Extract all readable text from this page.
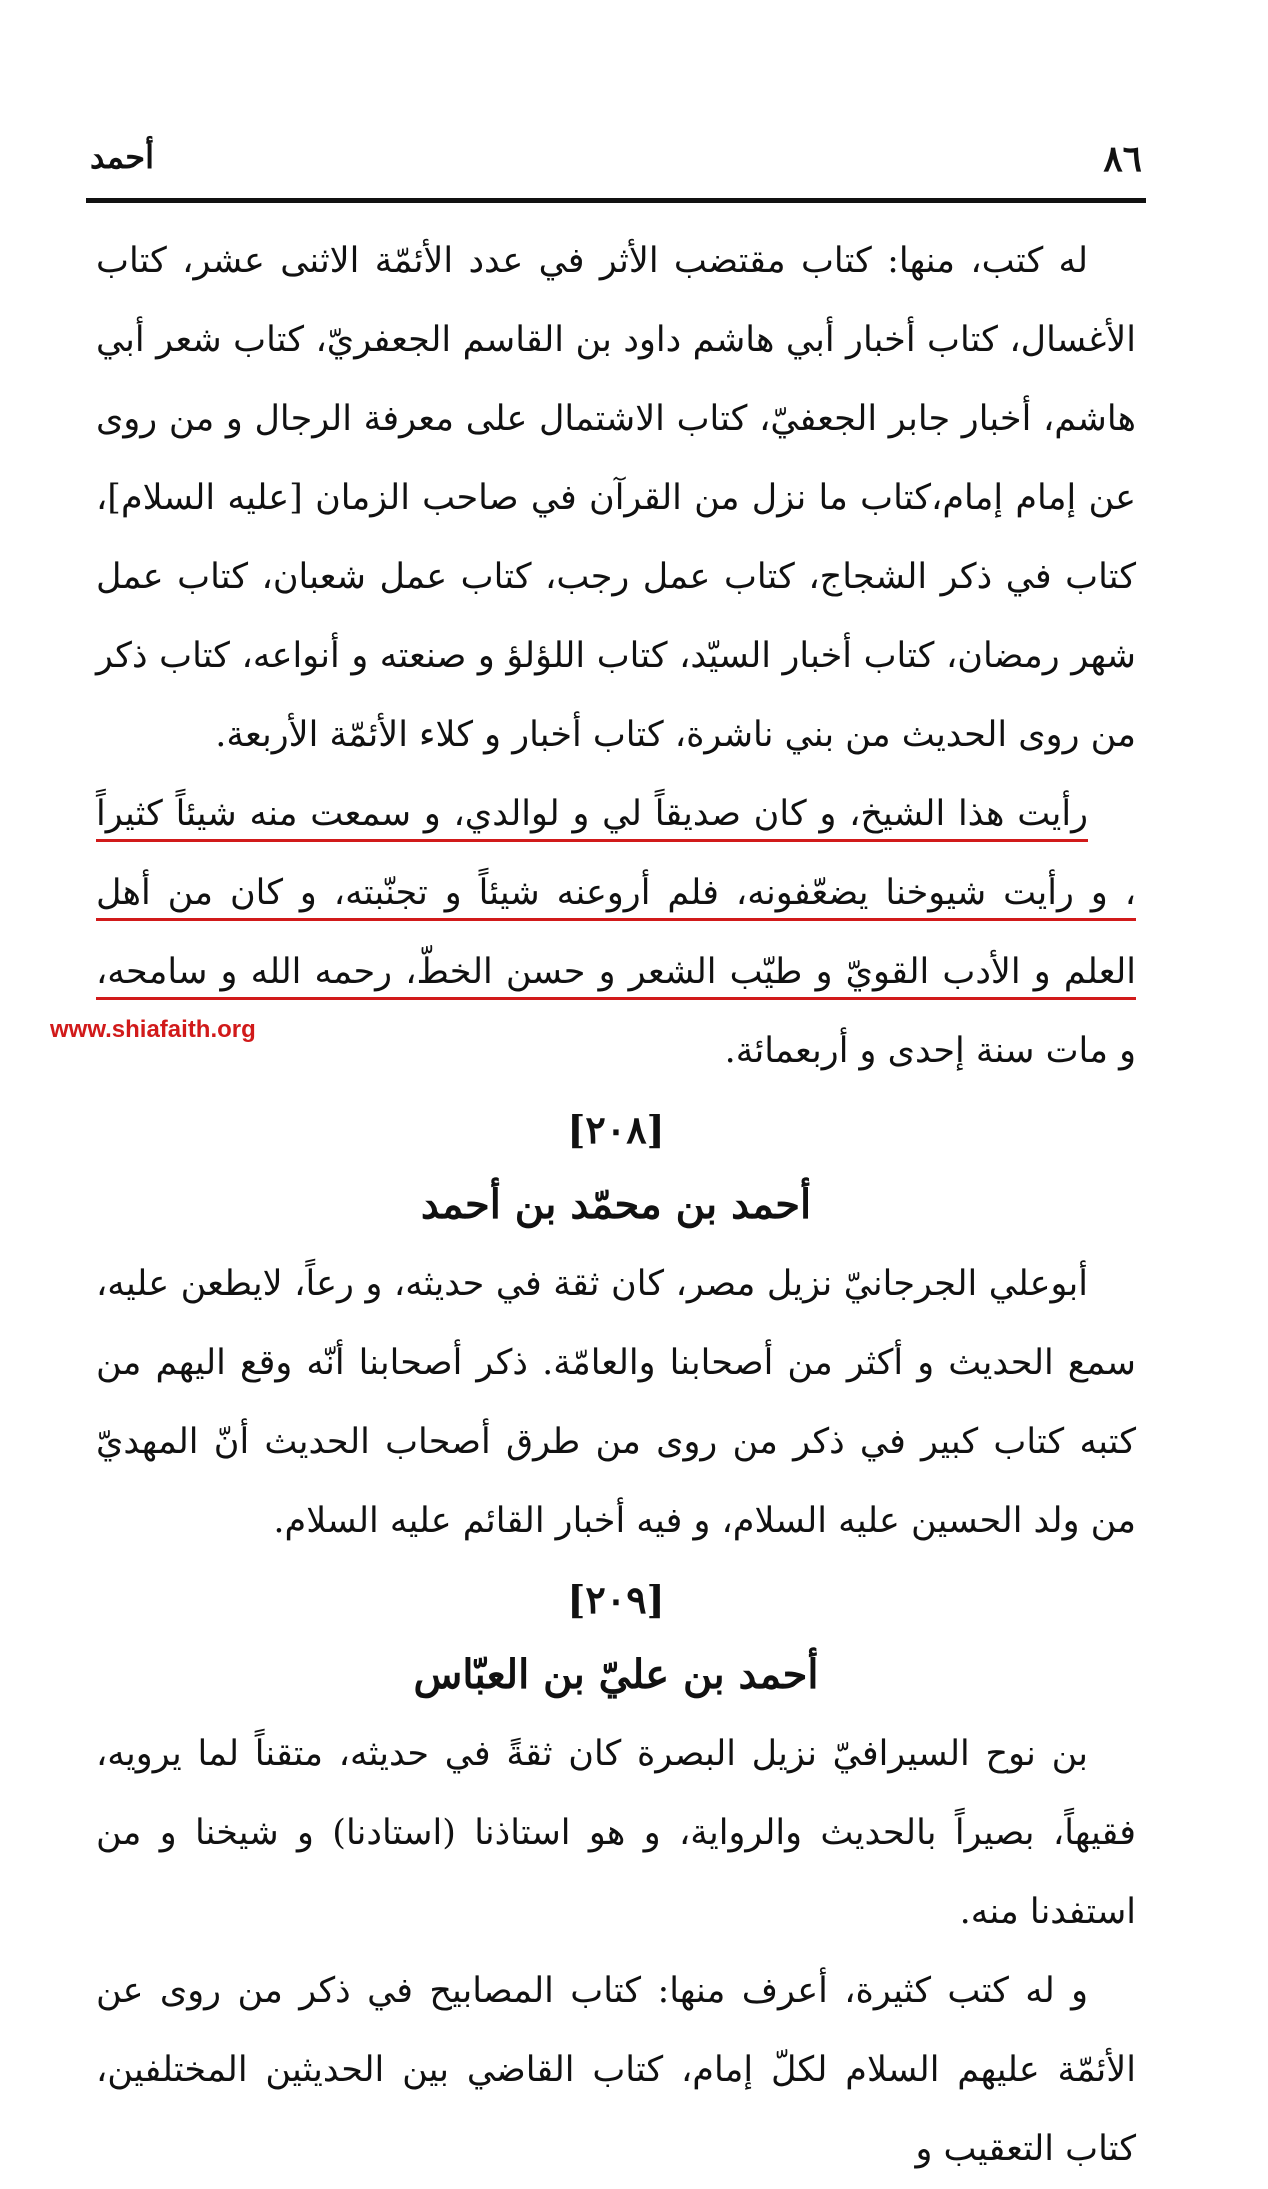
٨٦
أحمد
www.shiafaith.org

له كتب، منها: كتاب مقتضب الأثر في عدد الأئمّة الاثنى عشر، كتاب الأغسال، كتاب أخبار أبي هاشم داود بن القاسم الجعفريّ، كتاب شعر أبي هاشم، أخبار جابر الجعفيّ، كتاب الاشتمال على معرفة الرجال و من روى عن إمام إمام،كتاب ما نزل من القرآن في صاحب الزمان [عليه السلام]، كتاب في ذكر الشجاج، كتاب عمل رجب، كتاب عمل شعبان، كتاب عمل شهر رمضان، كتاب أخبار السيّد، كتاب اللؤلؤ و صنعته و أنواعه، كتاب ذكر من روى الحديث من بني ناشرة، كتاب أخبار و كلاء الأئمّة الأربعة.

رأيت هذا الشيخ، و كان صديقاً لي و لوالدي، و سمعت منه شيئاً كثيراً ، و رأيت شيوخنا يضعّفونه، فلم أروعنه شيئاً و تجنّبته، و كان من أهل العلم و الأدب القويّ و طيّب الشعر و حسن الخطّ، رحمه الله و سامحه، و مات سنة إحدى و أربعمائة.

[٢٠٨]
أحمد بن محمّد بن أحمد

أبوعلي الجرجانيّ نزيل مصر، كان ثقة في حديثه، و رعاً، لايطعن عليه، سمع الحديث و أكثر من أصحابنا والعامّة. ذكر أصحابنا أنّه وقع اليهم من كتبه كتاب كبير في ذكر من روى من طرق أصحاب الحديث أنّ المهديّ من ولد الحسين عليه السلام، و فيه أخبار القائم عليه السلام.

[٢٠٩]
أحمد بن عليّ بن العبّاس

بن نوح السيرافيّ نزيل البصرة كان ثقةً في حديثه، متقناً لما يرويه، فقيهاً، بصيراً بالحديث والرواية، و هو استاذنا (استادنا) و شيخنا و من استفدنا منه.

و له كتب كثيرة، أعرف منها: كتاب المصابيح في ذكر من روى عن الأئمّة عليهم السلام لكلّ إمام، كتاب القاضي بين الحديثين المختلفين، كتاب التعقيب و
